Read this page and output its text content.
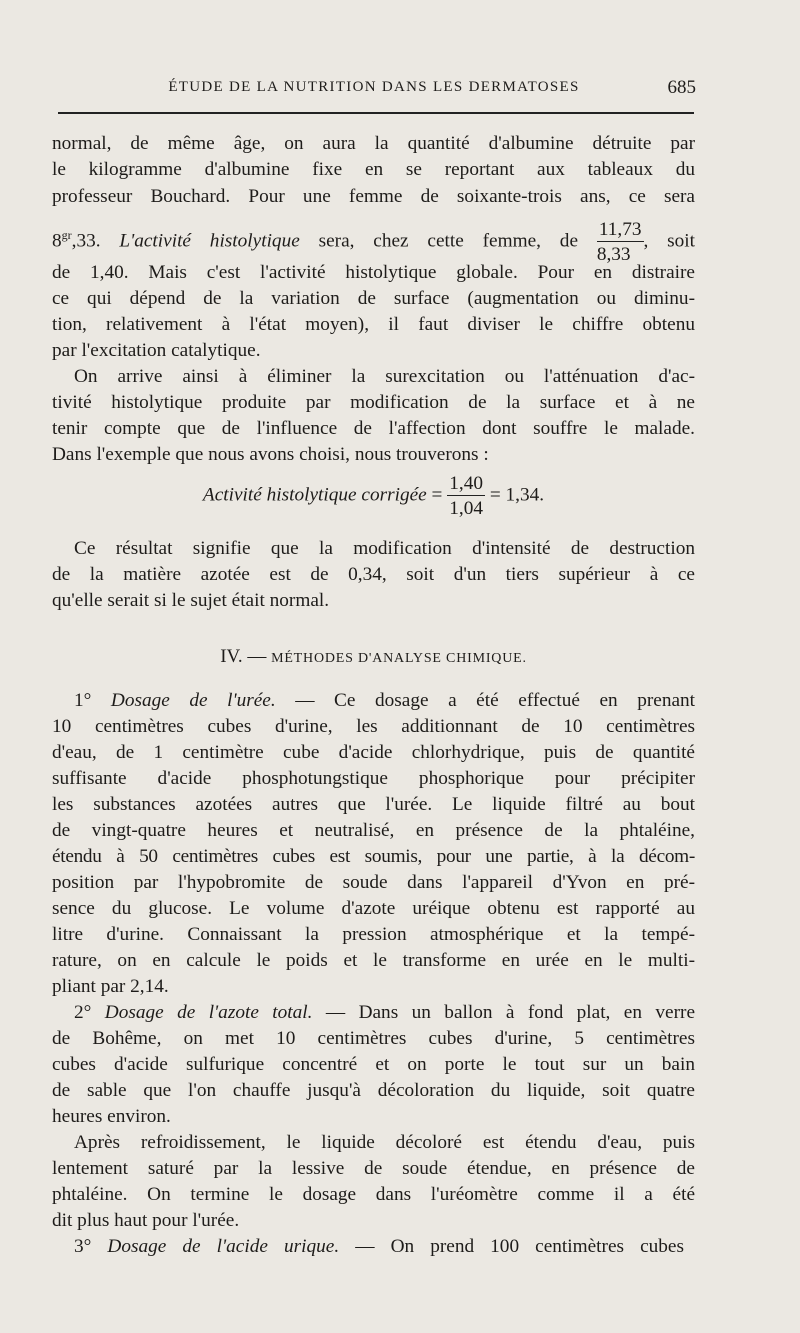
ÉTUDE DE LA NUTRITION DANS LES DERMATOSES	685
normal, de même âge, on aura la quantité d'albumine détruite par
le kilogramme d'albumine fixe en se reportant aux tableaux du
professeur Bouchard. Pour une femme de soixante-trois ans, ce sera
$8^{gr},33$. L'activité histolytique sera, chez cette femme, de $\frac{11,73}{8,33}$ , soit
de 1,40. Mais c'est l'activité histolytique globale. Pour en distraire
ce qui dépend de la variation de surface (augmentation ou diminu-
tion, relativement à l'état moyen), il faut diviser le chiffre obtenu
par l'excitation catalytique.
On arrive ainsi à éliminer la surexcitation ou l'atténuation d'ac-
tivité histolytique produite par modification de la surface et à ne
tenir compte que de l'influence de l'affection dont souffre le malade.
Dans l'exemple que nous avons choisi, nous trouverons :
Activité histolytique corrigée = $\frac{1,40}{1,04} = 1,34$.
Ce résultat signifie que la modification d'intensité de destruction
de la matière azotée est de 0,34, soit d'un tiers supérieur à ce
qu'elle serait si le sujet était normal.
IV. — MÉTHODES D'ANALYSE CHIMIQUE.
1° Dosage de l'urée. — Ce dosage a été effectué en prenant
10 centimètres cubes d'urine, les additionnant de 10 centimètres
d'eau, de 1 centimètre cube d'acide chlorhydrique, puis de quantité
suffisante d'acide phosphotungstique phosphorique pour précipiter
les substances azotées autres que l'urée. Le liquide filtré au bout
de vingt-quatre heures et neutralisé, en présence de la phtaléine,
étendu à 50 centimètres cubes est soumis, pour une partie, à la décom-
position par l'hypobromite de soude dans l'appareil d'Yvon en pré-
sence du glucose. Le volume d'azote uréique obtenu est rapporté au
litre d'urine. Connaissant la pression atmosphérique et la tempé-
rature, on en calcule le poids et le transforme en urée en le multi-
pliant par 2,14.
2° Dosage de l'azote total. — Dans un ballon à fond plat, en verre
de Bohême, on met 10 centimètres cubes d'urine, 5 centimètres
cubes d'acide sulfurique concentré et on porte le tout sur un bain
de sable que l'on chauffe jusqu'à décoloration du liquide, soit quatre
heures environ.
Après refroidissement, le liquide décoloré est étendu d'eau, puis
lentement saturé par la lessive de soude étendue, en présence de
phtaléine. On termine le dosage dans l'uréomètre comme il a été
dit plus haut pour l'urée.
3° Dosage de l'acide urique. — On prend 100 centimètres cubes
